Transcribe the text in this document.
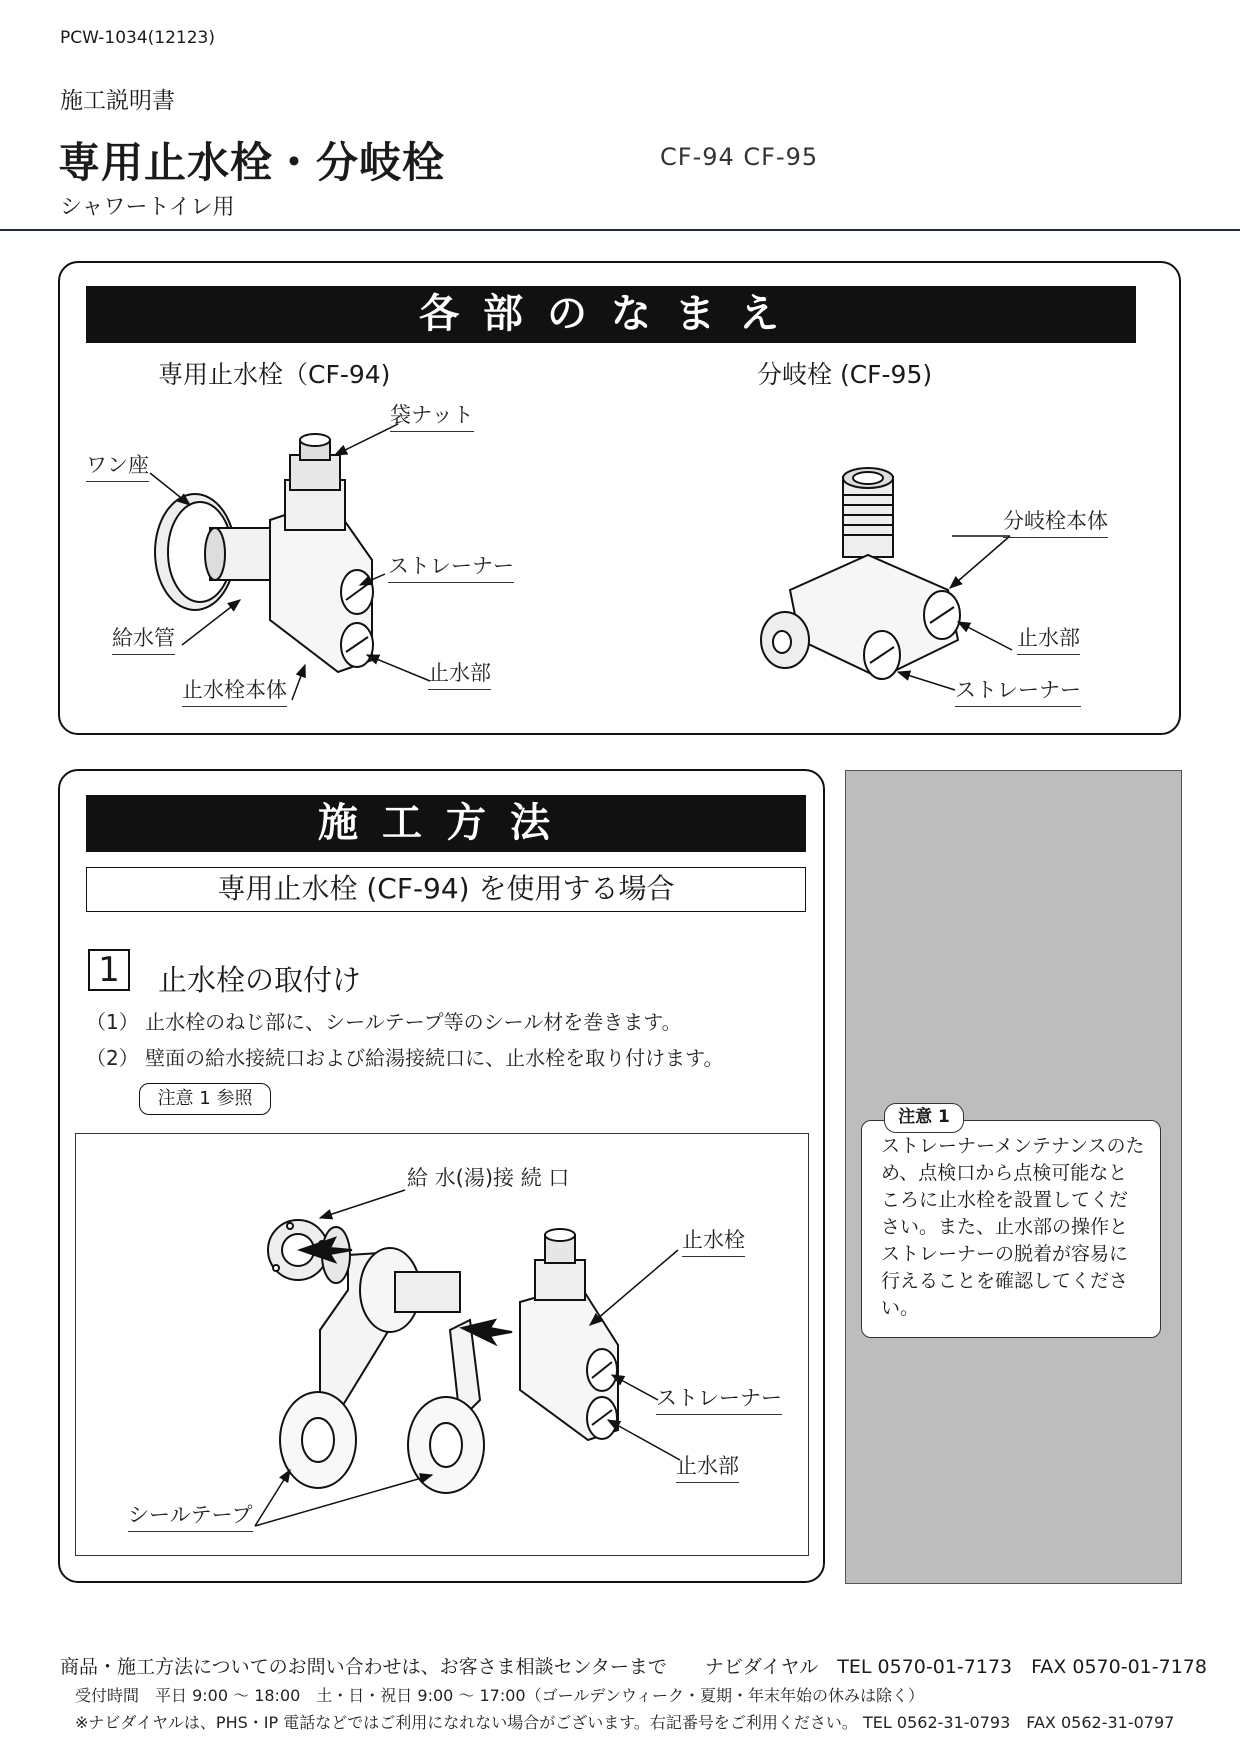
PCW-1034(12123)
施工説明書
専用止水栓・分岐栓	CF-94 CF-95
シャワートイレ用
各部のなまえ
専用止水栓（CF-94)	分岐栓 (CF-95)
袋ナット
ワン座
ストレーナー
給水管
止水部
止水栓本体
分岐栓本体
止水部
ストレーナー
施工方法
専用止水栓 (CF-94) を使用する場合
1	止水栓の取付け
（1） 止水栓のねじ部に、シールテープ等のシール材を巻きます。
（2） 壁面の給水接続口および給湯接続口に、止水栓を取り付けます。
注意 1 参照
給 水(湯)接 続 口
止水栓
ストレーナー
止水部
シールテープ
ストレーナーメンテナンスのため、点検口から点検可能なところに止水栓を設置してください。また、止水部の操作とストレーナーの脱着が容易に行えることを確認してください。
注意 1
商品・施工方法についてのお問い合わせは、お客さま相談センターまで　　ナビダイヤル　TEL 0570-01-7173　FAX 0570-01-7178
受付時間　平日 9:00 ～ 18:00　土・日・祝日 9:00 ～ 17:00（ゴールデンウィーク・夏期・年末年始の休みは除く）
※ナビダイヤルは、PHS・IP 電話などではご利用になれない場合がございます。右記番号をご利用ください。 TEL 0562-31-0793　FAX 0562-31-0797
